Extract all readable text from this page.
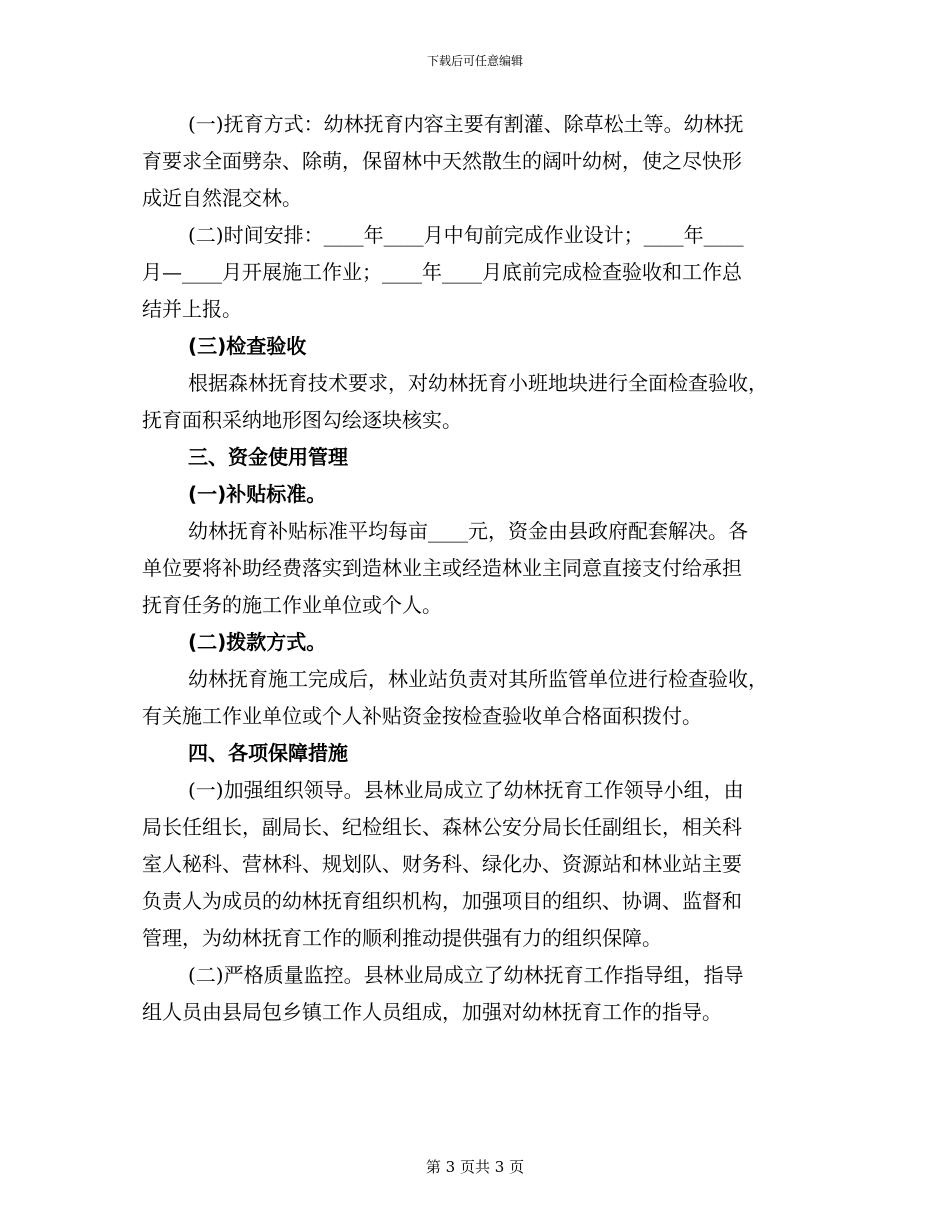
下载后可任意编辑
(一)抚育方式：幼林抚育内容主要有割灌、除草松土等。幼林抚
育要求全面劈杂、除萌，保留林中天然散生的阔叶幼树，使之尽快形
成近自然混交林。
(二)时间安排：____年____月中旬前完成作业设计；____年____
月—____月开展施工作业；____年____月底前完成检查验收和工作总
结并上报。
(三)检查验收
根据森林抚育技术要求，对幼林抚育小班地块进行全面检查验收，
抚育面积采纳地形图勾绘逐块核实。
三、资金使用管理
(一)补贴标准。
幼林抚育补贴标准平均每亩____元，资金由县政府配套解决。各
单位要将补助经费落实到造林业主或经造林业主同意直接支付给承担
抚育任务的施工作业单位或个人。
(二)拨款方式。
幼林抚育施工完成后，林业站负责对其所监管单位进行检查验收，
有关施工作业单位或个人补贴资金按检查验收单合格面积拨付。
四、各项保障措施
(一)加强组织领导。县林业局成立了幼林抚育工作领导小组，由
局长任组长，副局长、纪检组长、森林公安分局长任副组长，相关科
室人秘科、营林科、规划队、财务科、绿化办、资源站和林业站主要
负责人为成员的幼林抚育组织机构，加强项目的组织、协调、监督和
管理，为幼林抚育工作的顺利推动提供强有力的组织保障。
(二)严格质量监控。县林业局成立了幼林抚育工作指导组，指导
组人员由县局包乡镇工作人员组成，加强对幼林抚育工作的指导。
第 3 页共 3 页
